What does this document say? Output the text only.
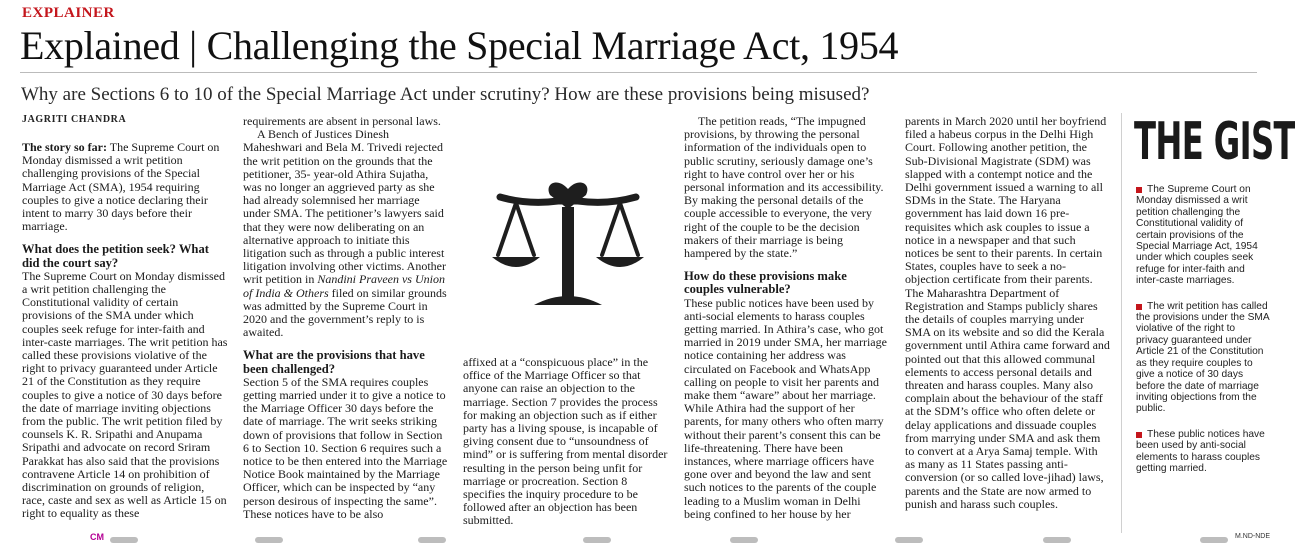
EXPLAINER
Explained | Challenging the Special Marriage Act, 1954

Why are Sections 6 to 10 of the Special Marriage Act under scrutiny? How are these provisions being misused?

JAGRITI CHANDRA

The story so far: The Supreme Court on Monday dismissed a writ petition challenging provisions of the Special Marriage Act (SMA), 1954 requiring couples to give a notice declaring their intent to marry 30 days before their marriage.

What does the petition seek? What did the court say?

The Supreme Court on Monday dismissed a writ petition challenging the Constitutional validity of certain provisions of the SMA under which couples seek refuge for inter-faith and inter-caste marriages. The writ petition has called these provisions violative of the right to privacy guaranteed under Article 21 of the Constitution as they require couples to give a notice of 30 days before the date of marriage inviting objections from the public. The writ petition filed by counsels K. R. Sripathi and Anupama Sripathi and advocate on record Sriram Parakkat has also said that the provisions contravene Article 14 on prohibition of discrimination on grounds of religion, race, caste and sex as well as Article 15 on right to equality as these

requirements are absent in personal laws.

A Bench of Justices Dinesh Maheshwari and Bela M. Trivedi rejected the writ petition on the grounds that the petitioner, 35- year-old Athira Sujatha, was no longer an aggrieved party as she had already solemnised her marriage under SMA. The petitioner’s lawyers said that they were now deliberating on an alternative approach to initiate this litigation such as through a public interest litigation involving other victims. Another writ petition in Nandini Praveen vs Union of India & Others filed on similar grounds was admitted by the Supreme Court in 2020 and the government’s reply to is awaited.

What are the provisions that have been challenged?

Section 5 of the SMA requires couples getting married under it to give a notice to the Marriage Officer 30 days before the date of marriage. The writ seeks striking down of provisions that follow in Section 6 to Section 10. Section 6 requires such a notice to be then entered into the Marriage Notice Book maintained by the Marriage Officer, which can be inspected by “any person desirous of inspecting the same”. These notices have to be also

affixed at a “conspicuous place” in the office of the Marriage Officer so that anyone can raise an objection to the marriage. Section 7 provides the process for making an objection such as if either party has a living spouse, is incapable of giving consent due to “unsoundness of mind” or is suffering from mental disorder resulting in the person being unfit for marriage or procreation. Section 8 specifies the inquiry procedure to be followed after an objection has been submitted.

The petition reads, “The impugned provisions, by throwing the personal information of the individuals open to public scrutiny, seriously damage one’s right to have control over her or his personal information and its accessibility. By making the personal details of the couple accessible to everyone, the very right of the couple to be the decision makers of their marriage is being hampered by the state.”

How do these provisions make couples vulnerable?

These public notices have been used by anti-social elements to harass couples getting married. In Athira’s case, who got married in 2019 under SMA, her marriage notice containing her address was circulated on Facebook and WhatsApp calling on people to visit her parents and make them “aware” about her marriage. While Athira had the support of her parents, for many others who often marry without their parent’s consent this can be life-threatening. There have been instances, where marriage officers have gone over and beyond the law and sent such notices to the parents of the couple leading to a Muslim woman in Delhi being confined to her house by her

parents in March 2020 until her boyfriend filed a habeus corpus in the Delhi High Court. Following another petition, the Sub-Divisional Magistrate (SDM) was slapped with a contempt notice and the Delhi government issued a warning to all SDMs in the State. The Haryana government has laid down 16 pre-requisites which ask couples to issue a notice in a newspaper and that such notices be sent to their parents. In certain States, couples have to seek a no-objection certificate from their parents. The Maharashtra Department of Registration and Stamps publicly shares the details of couples marrying under SMA on its website and so did the Kerala government until Athira came forward and pointed out that this allowed communal elements to access personal details and threaten and harass couples. Many also complain about the behaviour of the staff at the SDM’s office who often delete or delay applications and dissuade couples from marrying under SMA and ask them to convert at a Arya Samaj temple. With as many as 11 States passing anti-conversion (or so called love-jihad) laws, parents and the State are now armed to punish and harass such couples.

THE GIST
The Supreme Court on Monday dismissed a writ petition challenging the Constitutional validity of certain provisions of the Special Marriage Act, 1954 under which couples seek refuge for inter-faith and inter-caste marriages.
The writ petition has called the provisions under the SMA violative of the right to privacy guaranteed under Article 21 of the Constitution as they require couples to give a notice of 30 days before the date of marriage inviting objections from the public.
These public notices have been used by anti-social elements to harass couples getting married.
CM	M.ND-NDE
